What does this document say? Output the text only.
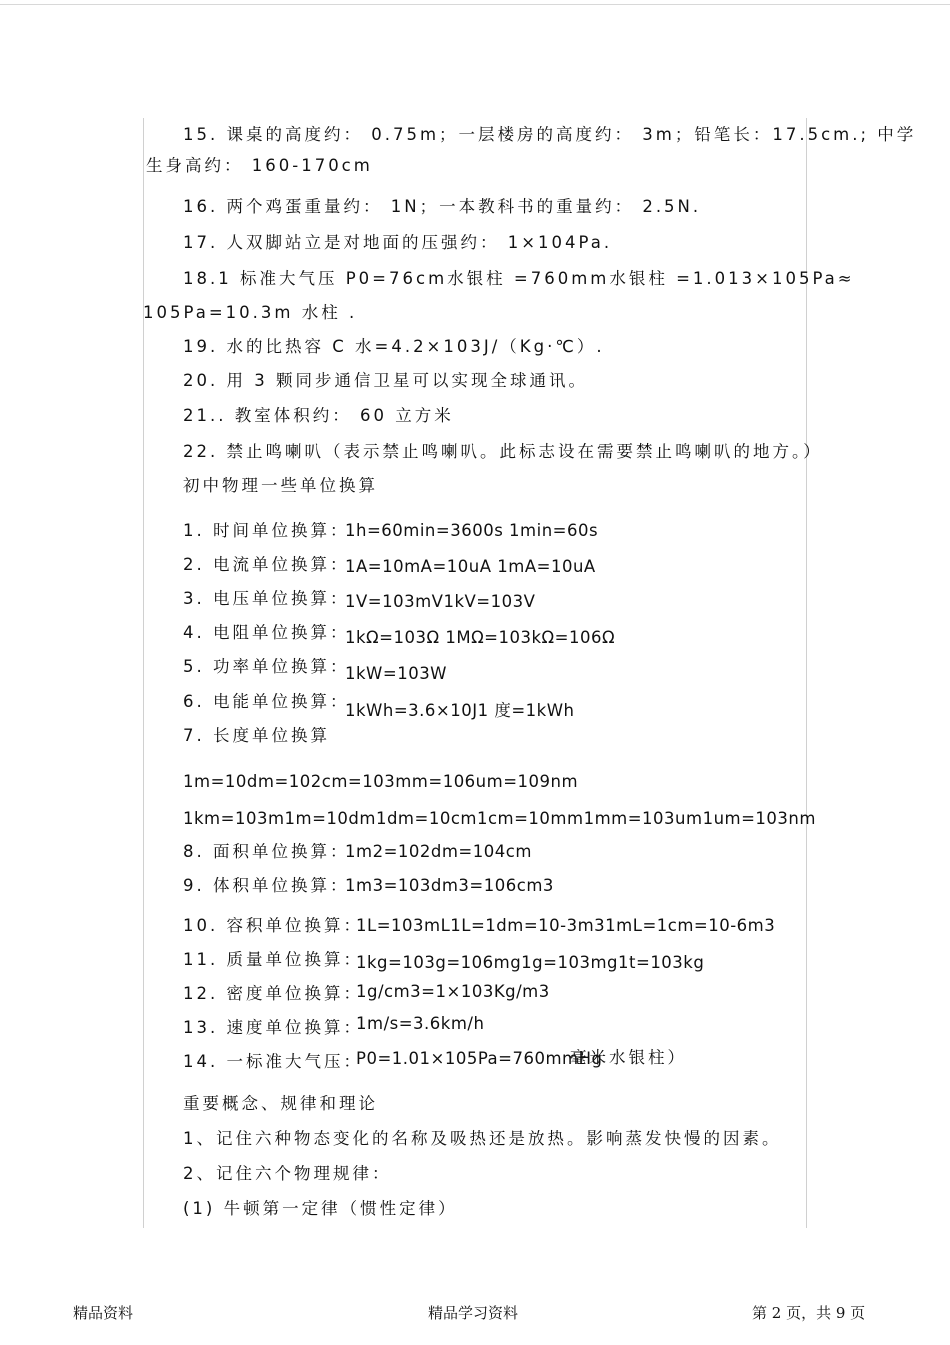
15. 课桌的高度约： 0.75m；一层楼房的高度约： 3m；铅笔长：17.5cm.; 中学
生身高约： 160-170cm
16. 两个鸡蛋重量约： 1N；一本教科书的重量约： 2.5N.
17. 人双脚站立是对地面的压强约： 1×104Pa.
18.1 标准大气压 P0=76cm水银柱 =760mm水银柱 =1.013×105Pa≈
105Pa=10.3m 水柱 .
19. 水的比热容 C 水=4.2×103J/（Kg·℃）.
20. 用 3 颗同步通信卫星可以实现全球通讯。
21.. 教室体积约： 60 立方米
22. 禁止鸣喇叭（表示禁止鸣喇叭。此标志设在需要禁止鸣喇叭的地方。）
初中物理一些单位换算
1. 时间单位换算：
1h=60min=3600s 1min=60s
2. 电流单位换算：
1A=10mA=10uA 1mA=10uA
3. 电压单位换算：
1V=103mV1kV=103V
4. 电阻单位换算：
1kΩ=103Ω 1MΩ=103kΩ=106Ω
5. 功率单位换算：
1kW=103W
6. 电能单位换算：
1kWh=3.6×10J1 度=1kWh
7. 长度单位换算
1m=10dm=102cm=103mm=106um=109nm
1km=103m1m=10dm1dm=10cm1cm=10mm1mm=103um1um=103nm
8. 面积单位换算：
1m2=102dm=104cm
9. 体积单位换算：
1m3=103dm3=106cm3
10. 容积单位换算：
1L=103mL1L=1dm=10-3m31mL=1cm=10-6m3
11. 质量单位换算：
1kg=103g=106mg1g=103mg1t=103kg
12. 密度单位换算：
1g/cm3=1×103Kg/m3
13. 速度单位换算：
1m/s=3.6km/h
14. 一标准大气压：
P0=1.01×105Pa=760mmHg
毫米水银柱）
重要概念、规律和理论
1、记住六种物态变化的名称及吸热还是放热。影响蒸发快慢的因素。
2、记住六个物理规律：
(1) 牛顿第一定律（惯性定律）
精品资料	精品学习资料	第 2 页，共 9 页
